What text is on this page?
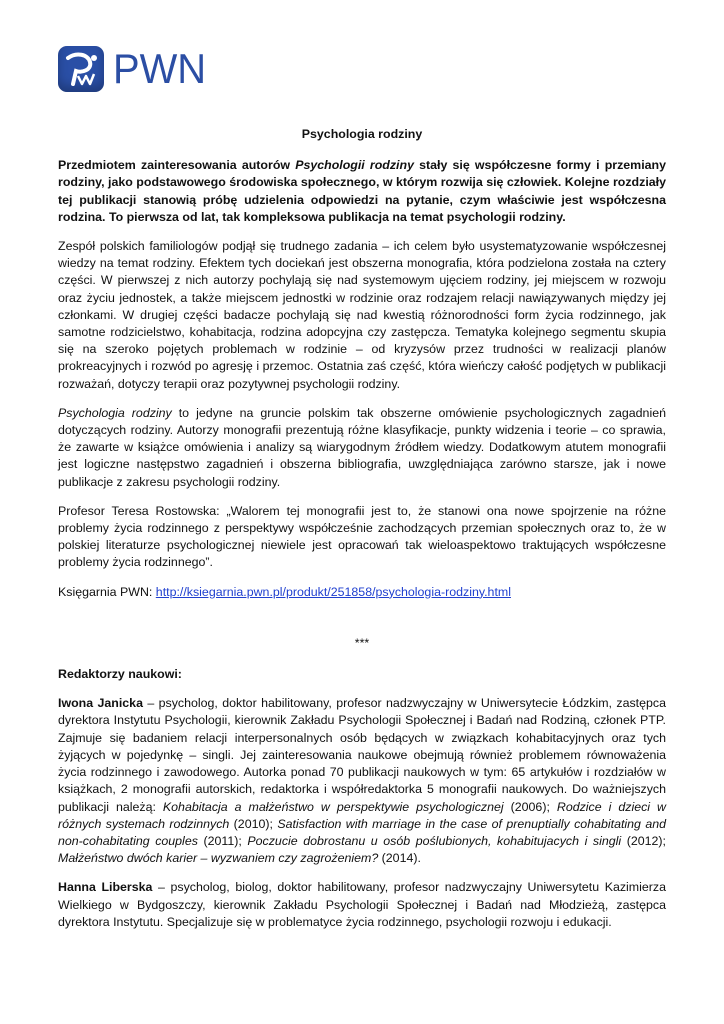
PWN
Psychologia rodziny

Przedmiotem zainteresowania autorów Psychologii rodziny stały się współczesne formy i przemiany rodziny, jako podstawowego środowiska społecznego, w którym rozwija się człowiek. Kolejne rozdziały tej publikacji stanowią próbę udzielenia odpowiedzi na pytanie, czym właściwie jest współczesna rodzina. To pierwsza od lat, tak kompleksowa publikacja na temat psychologii rodziny.

Zespół polskich familiologów podjął się trudnego zadania – ich celem było usystematyzowanie współczesnej wiedzy na temat rodziny. Efektem tych dociekań jest obszerna monografia, która podzielona została na cztery części. W pierwszej z nich autorzy pochylają się nad systemowym ujęciem rodziny, jej miejscem w rozwoju oraz życiu jednostek, a także miejscem jednostki w rodzinie oraz rodzajem relacji nawiązywanych między jej członkami. W drugiej części badacze pochylają się nad kwestią różnorodności form życia rodzinnego, jak samotne rodzicielstwo, kohabitacja, rodzina adopcyjna czy zastępcza. Tematyka kolejnego segmentu skupia się na szeroko pojętych problemach w rodzinie – od kryzysów przez trudności w realizacji planów prokreacyjnych i rozwód po agresję i przemoc. Ostatnia zaś część, która wieńczy całość podjętych w publikacji rozważań, dotyczy terapii oraz pozytywnej psychologii rodziny.

Psychologia rodziny to jedyne na gruncie polskim tak obszerne omówienie psychologicznych zagadnień dotyczących rodziny. Autorzy monografii prezentują różne klasyfikacje, punkty widzenia i teorie – co sprawia, że zawarte w książce omówienia i analizy są wiarygodnym źródłem wiedzy. Dodatkowym atutem monografii jest logiczne następstwo zagadnień i obszerna bibliografia, uwzględniająca zarówno starsze, jak i nowe publikacje z zakresu psychologii rodziny.

Profesor Teresa Rostowska: „Walorem tej monografii jest to, że stanowi ona nowe spojrzenie na różne problemy życia rodzinnego z perspektywy współcześnie zachodzących przemian społecznych oraz to, że w polskiej literaturze psychologicznej niewiele jest opracowań tak wieloaspektowo traktujących współczesne problemy życia rodzinnego”.

Księgarnia PWN: http://ksiegarnia.pwn.pl/produkt/251858/psychologia-rodziny.html

***
Redaktorzy naukowi:

Iwona Janicka – psycholog, doktor habilitowany, profesor nadzwyczajny w Uniwersytecie Łódzkim, zastępca dyrektora Instytutu Psychologii, kierownik Zakładu Psychologii Społecznej i Badań nad Rodziną, członek PTP. Zajmuje się badaniem relacji interpersonalnych osób będących w związkach kohabitacyjnych oraz tych żyjących w pojedynkę – singli. Jej zainteresowania naukowe obejmują również problemem równoważenia życia rodzinnego i zawodowego. Autorka ponad 70 publikacji naukowych w tym: 65 artykułów i rozdziałów w książkach, 2 monografii autorskich, redaktorka i współredaktorka 5 monografii naukowych. Do ważniejszych publikacji należą: Kohabitacja a małżeństwo w perspektywie psychologicznej (2006); Rodzice i dzieci w różnych systemach rodzinnych (2010); Satisfaction with marriage in the case of prenuptially cohabitating and non-cohabitating couples (2011); Poczucie dobrostanu u osób poślubionych, kohabitujacych i singli (2012); Małżeństwo dwóch karier – wyzwaniem czy zagrożeniem? (2014).

Hanna Liberska – psycholog, biolog, doktor habilitowany, profesor nadzwyczajny Uniwersytetu Kazimierza Wielkiego w Bydgoszczy, kierownik Zakładu Psychologii Społecznej i Badań nad Młodzieżą, zastępca dyrektora Instytutu. Specjalizuje się w problematyce życia rodzinnego, psychologii rozwoju i edukacji.
